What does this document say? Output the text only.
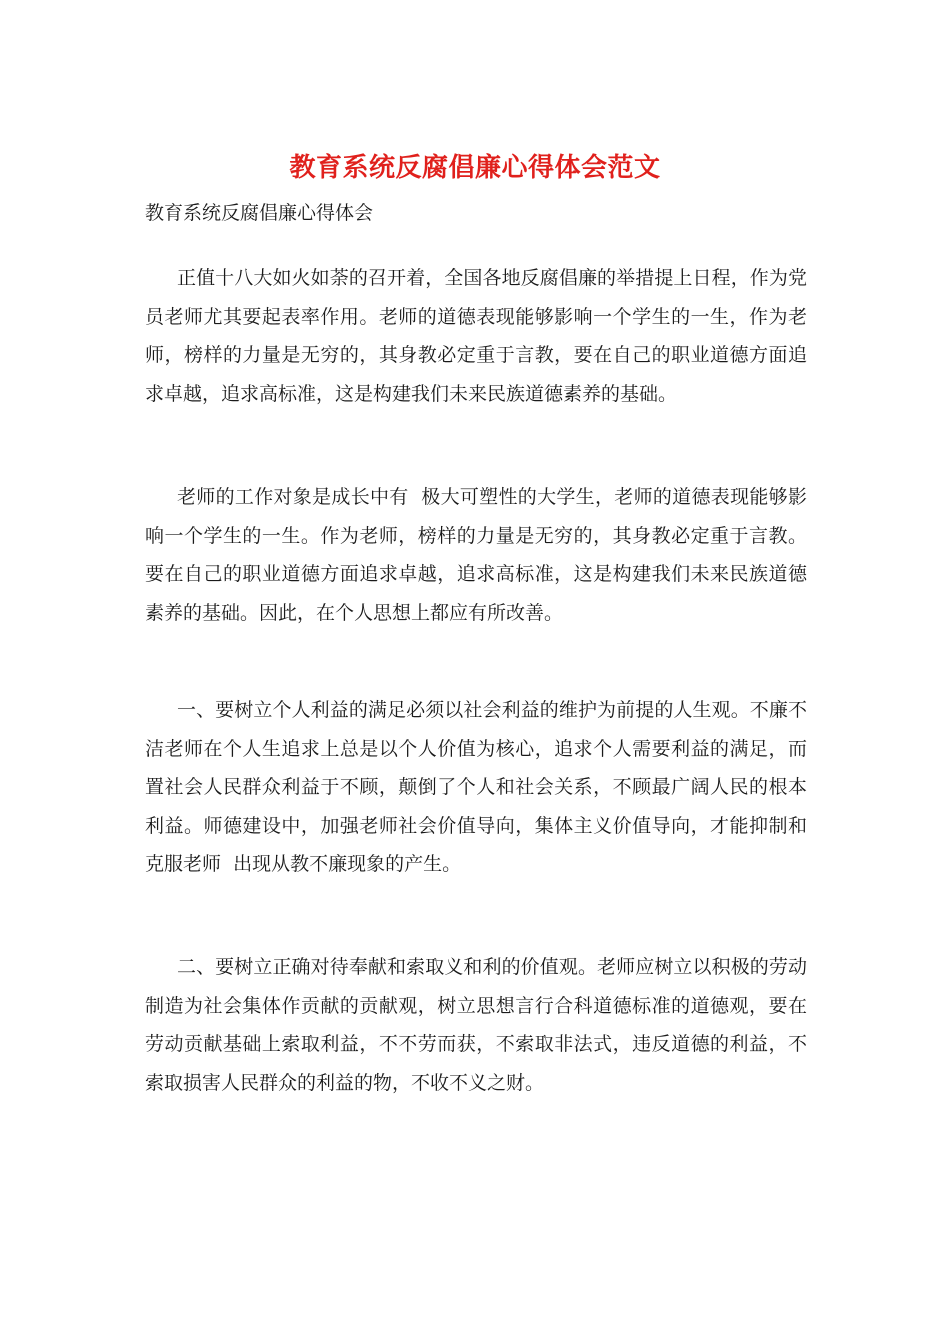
教育系统反腐倡廉心得体会范文

教育系统反腐倡廉心得体会

正值十八大如火如荼的召开着，全国各地反腐倡廉的举措提上日程，作为党员老师尤其要起表率作用。老师的道德表现能够影响一个学生的一生，作为老师，榜样的力量是无穷的，其身教必定重于言教，要在自己的职业道德方面追求卓越，追求高标准，这是构建我们未来民族道德素养的基础。

老师的工作对象是成长中有  极大可塑性的大学生，老师的道德表现能够影响一个学生的一生。作为老师，榜样的力量是无穷的，其身教必定重于言教。要在自己的职业道德方面追求卓越，追求高标准，这是构建我们未来民族道德素养的基础。因此，在个人思想上都应有所改善。

一、要树立个人利益的满足必须以社会利益的维护为前提的人生观。不廉不洁老师在个人生追求上总是以个人价值为核心，追求个人需要利益的满足，而置社会人民群众利益于不顾，颠倒了个人和社会关系，不顾最广阔人民的根本利益。师德建设中，加强老师社会价值导向，集体主义价值导向，才能抑制和克服老师  出现从教不廉现象的产生。

二、要树立正确对待奉献和索取义和利的价值观。老师应树立以积极的劳动制造为社会集体作贡献的贡献观，树立思想言行合科道德标准的道德观，要在劳动贡献基础上索取利益，不不劳而获，不索取非法式，违反道德的利益，不索取损害人民群众的利益的物，不收不义之财。
